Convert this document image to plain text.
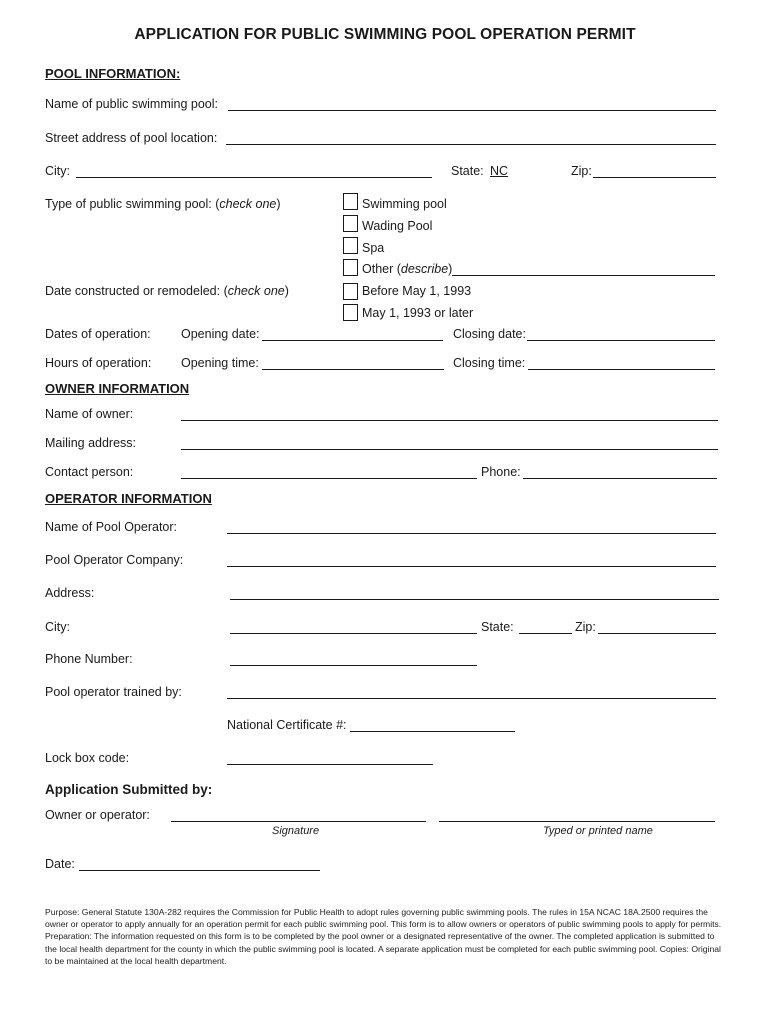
APPLICATION FOR PUBLIC SWIMMING POOL OPERATION PERMIT
POOL INFORMATION:
Name of public swimming pool:
Street address of pool location:
City:	State: NC	Zip:
Type of public swimming pool: (check one)	Swimming pool
Wading Pool
Spa
Other (describe)
Date constructed or remodeled: (check one)	Before May 1, 1993
May 1, 1993 or later
Dates of operation: Opening date:	Closing date:
Hours of operation: Opening time:	Closing time:
OWNER INFORMATION
Name of owner:
Mailing address:
Contact person:	Phone:
OPERATOR INFORMATION
Name of Pool Operator:
Pool Operator Company:
Address:
City:	State:	Zip:
Phone Number:
Pool operator trained by:
National Certificate #:
Lock box code:
Application Submitted by:
Owner or operator:
Signature	Typed or printed name
Date:
Purpose: General Statute 130A-282 requires the Commission for Public Health to adopt rules governing public swimming pools. The rules in 15A NCAC 18A.2500 requires the owner or operator to apply annually for an operation permit for each public swimming pool. This form is to allow owners or operators of public swimming pools to apply for permits. Preparation: The information requested on this form is to be completed by the pool owner or a designated representative of the owner. The completed application is submitted to the local health department for the county in which the public swimming pool is located. A separate application must be completed for each public swimming pool. Copies: Original to be maintained at the local health department.
